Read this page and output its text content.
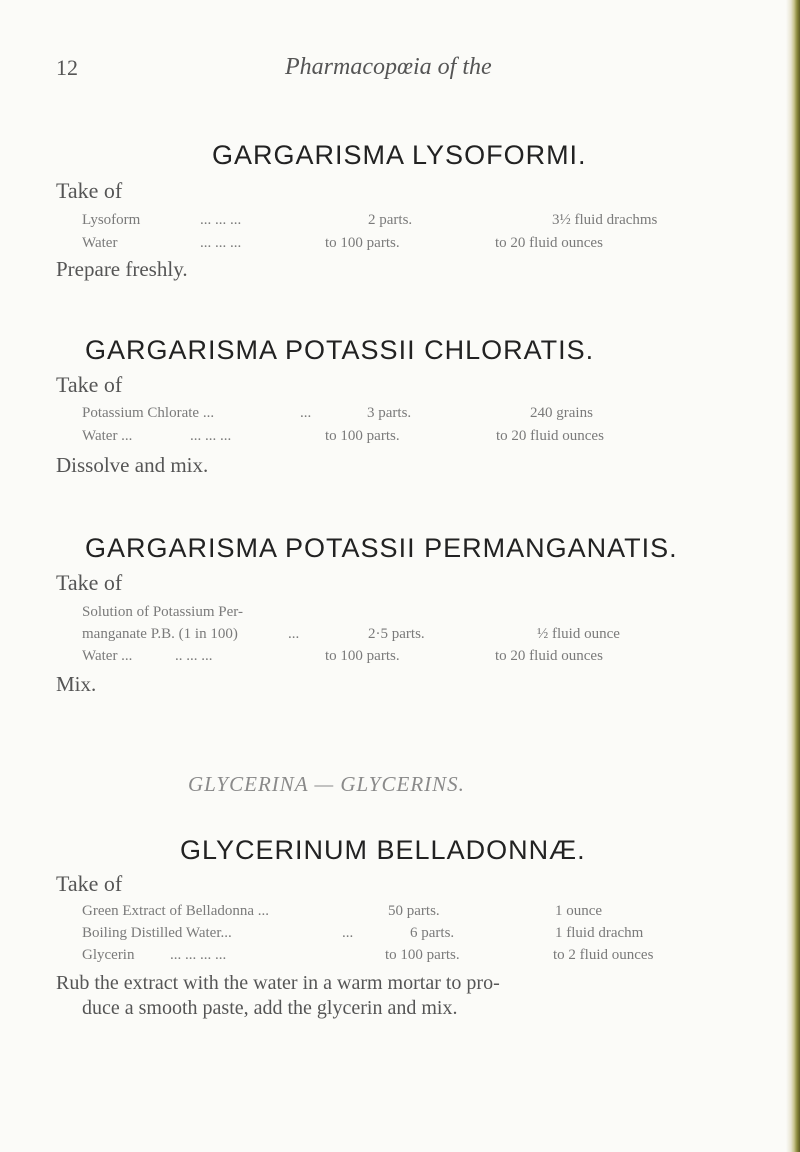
12	Pharmacopœia of the
GARGARISMA LYSOFORMI.
Take of
Lysoform	... ... ...	2 parts.	3½ fluid drachms
Water	... ... ...	to 100 parts.	to 20 fluid ounces
Prepare freshly.
GARGARISMA POTASSII CHLORATIS.
Take of
Potassium Chlorate ...	...	3 parts.	240 grains
Water ...	... ... ...	to 100 parts.	to 20 fluid ounces
Dissolve and mix.
GARGARISMA POTASSII PERMANGANATIS.
Take of
Solution of Potassium Per-
manganate P.B. (1 in 100)	...	2·5 parts.	½ fluid ounce
Water ...	.. ... ...	to 100 parts.	to 20 fluid ounces
Mix.
GLYCERINA — GLYCERINS.
GLYCERINUM BELLADONNÆ.
Take of
Green Extract of Belladonna ...	50 parts.	1 ounce
Boiling Distilled Water...	...	6 parts.	1 fluid drachm
Glycerin ... ... ... ...	to 100 parts.	to 2 fluid ounces
Rub the extract with the water in a warm mortar to pro-
duce a smooth paste, add the glycerin and mix.
